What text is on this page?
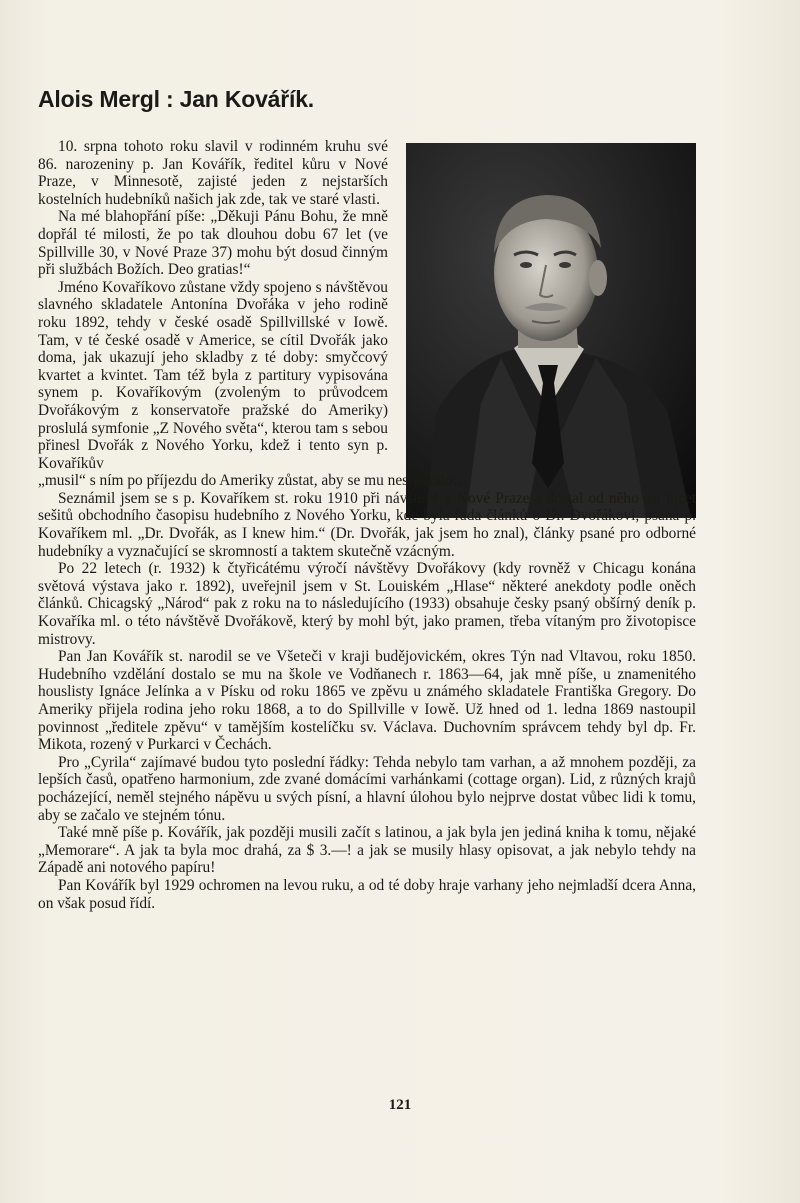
Alois Mergl : Jan Kovářík.

10. srpna tohoto roku slavil v rodinném kruhu své 86. narozeniny p. Jan Kovářík, ředitel kůru v Nové Praze, v Minnesotě, zajisté jeden z nejstarších kostelních hudebníků našich jak zde, tak ve staré vlasti.

Na mé blahopřání píše: „Děkuji Pánu Bohu, že mně dopřál té milosti, že po tak dlouhou dobu 67 let (ve Spillville 30, v Nové Praze 37) mohu být dosud činným při službách Božích. Deo gratias!“

Jméno Kovaříkovo zůstane vždy spojeno s návštěvou slavného skladatele Antonína Dvořáka v jeho rodině roku 1892, tehdy v české osadě Spillvillské v Iowě. Tam, v té české osadě v Americe, se cítil Dvořák jako doma, jak ukazují jeho skladby z té doby: smyčcový kvartet a kvintet. Tam též byla z partitury vypisována synem p. Kovaříkovým (zvoleným to průvodcem Dvořákovým z konservatoře pražské do Ameriky) proslulá symfonie „Z Nového světa“, kterou tam s sebou přinesl Dvořák z Nového Yorku, kdež i tento syn p. Kovaříkův

„musil“ s ním po příjezdu do Ameriky zůstat, aby se mu nestýskalo…

Seznámil jsem se s p. Kovaříkem st. roku 1910 při návštěvě v Nové Praze a dostal od něho asi tucet sešitů obchodního časopisu hudebního z Nového Yorku, kde byla řada článků o Dr. Dvořákovi, psaná p. Kovaříkem ml. „Dr. Dvořák, as I knew him.“ (Dr. Dvořák, jak jsem ho znal), články psané pro odborné hudebníky a vyznačující se skromností a taktem skutečně vzácným.

Po 22 letech (r. 1932) k čtyřicátému výročí návštěvy Dvořákovy (kdy rovněž v Chicagu konána světová výstava jako r. 1892), uveřejnil jsem v St. Louiském „Hlase“ některé anekdoty podle oněch článků. Chicagský „Národ“ pak z roku na to následujícího (1933) obsahuje česky psaný obšírný deník p. Kovaříka ml. o této návštěvě Dvořákově, který by mohl být, jako pramen, třeba vítaným pro životopisce mistrovy.

Pan Jan Kovářík st. narodil se ve Všeteči v kraji budějovickém, okres Týn nad Vltavou, roku 1850. Hudebního vzdělání dostalo se mu na škole ve Vodňanech r. 1863—64, jak mně píše, u znamenitého houslisty Ignáce Jelínka a v Písku od roku 1865 ve zpěvu u známého skladatele Františka Gregory. Do Ameriky přijela rodina jeho roku 1868, a to do Spillville v Iowě. Už hned od 1. ledna 1869 nastoupil povinnost „ředitele zpěvu“ v tamějším kostelíčku sv. Václava. Duchovním správcem tehdy byl dp. Fr. Mikota, rozený v Purkarci v Čechách.

Pro „Cyrila“ zajímavé budou tyto poslední řádky: Tehda nebylo tam varhan, a až mnohem později, za lepších časů, opatřeno harmonium, zde zvané domácími varhánkami (cottage organ). Lid, z různých krajů pocházející, neměl stejného nápěvu u svých písní, a hlavní úlohou bylo nejprve dostat vůbec lidi k tomu, aby se začalo ve stejném tónu.

Také mně píše p. Kovářík, jak později musili začít s latinou, a jak byla jen jediná kniha k tomu, nějaké „Memorare“. A jak ta byla moc drahá, za $ 3.—! a jak se musily hlasy opisovat, a jak nebylo tehdy na Západě ani notového papíru!

Pan Kovářík byl 1929 ochromen na levou ruku, a od té doby hraje varhany jeho nejmladší dcera Anna, on však posud řídí.

121
